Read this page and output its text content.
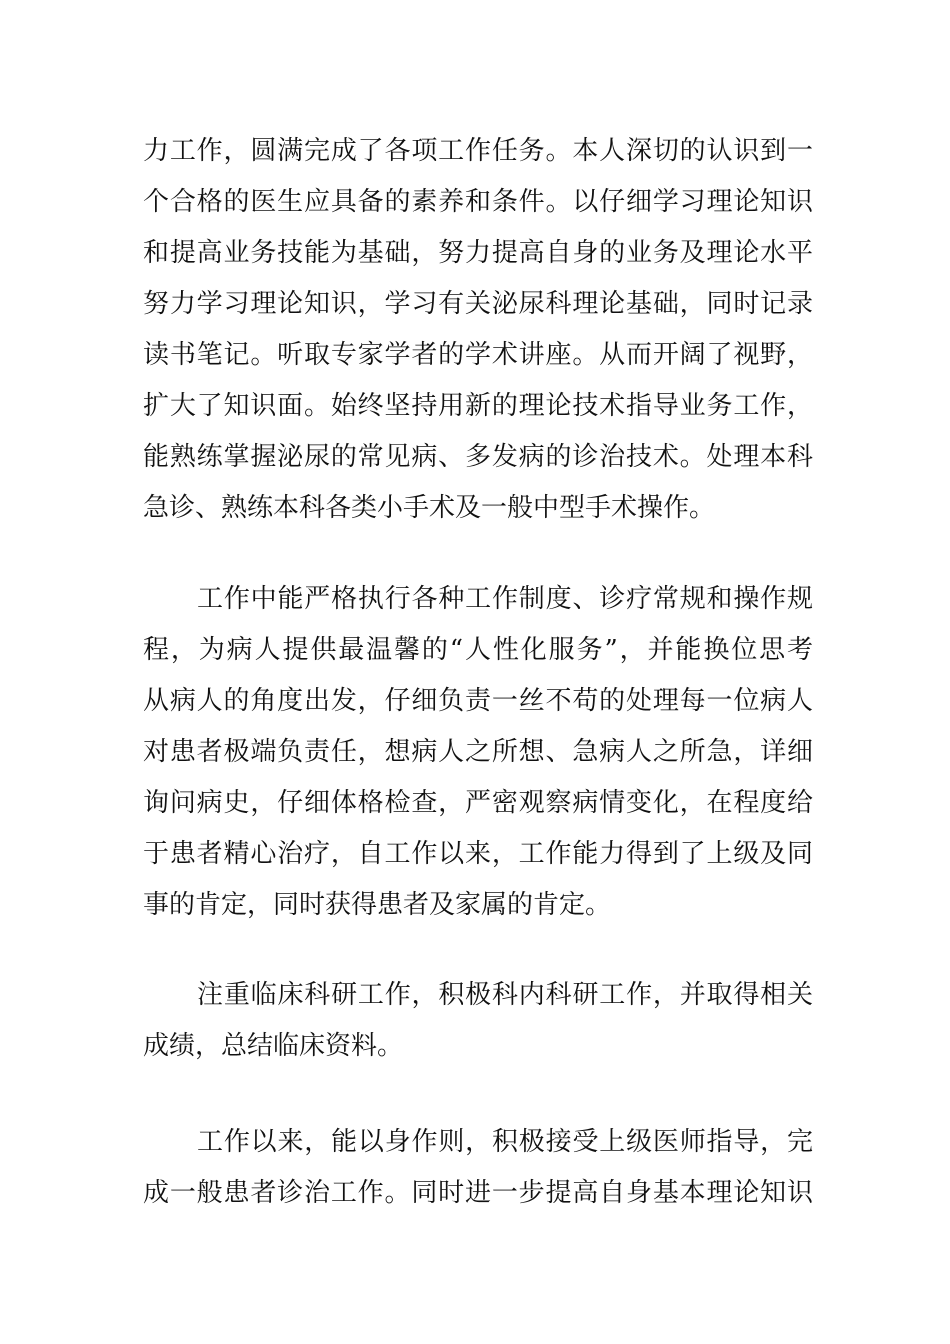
力工作，圆满完成了各项工作任务。本人深切的认识到一
个合格的医生应具备的素养和条件。以仔细学习理论知识
和提高业务技能为基础，努力提高自身的业务及理论水平
努力学习理论知识，学习有关泌尿科理论基础，同时记录
读书笔记。听取专家学者的学术讲座。从而开阔了视野，
扩大了知识面。始终坚持用新的理论技术指导业务工作，
能熟练掌握泌尿的常见病、多发病的诊治技术。处理本科
急诊、熟练本科各类小手术及一般中型手术操作。
工作中能严格执行各种工作制度、诊疗常规和操作规
程，为病人提供最温馨的“人性化服务”，并能换位思考
从病人的角度出发，仔细负责一丝不苟的处理每一位病人
对患者极端负责任，想病人之所想、急病人之所急，详细
询问病史，仔细体格检查，严密观察病情变化，在程度给
于患者精心治疗，自工作以来，工作能力得到了上级及同
事的肯定，同时获得患者及家属的肯定。
注重临床科研工作，积极科内科研工作，并取得相关
成绩，总结临床资料。
工作以来，能以身作则，积极接受上级医师指导，完
成一般患者诊治工作。同时进一步提高自身基本理论知识
